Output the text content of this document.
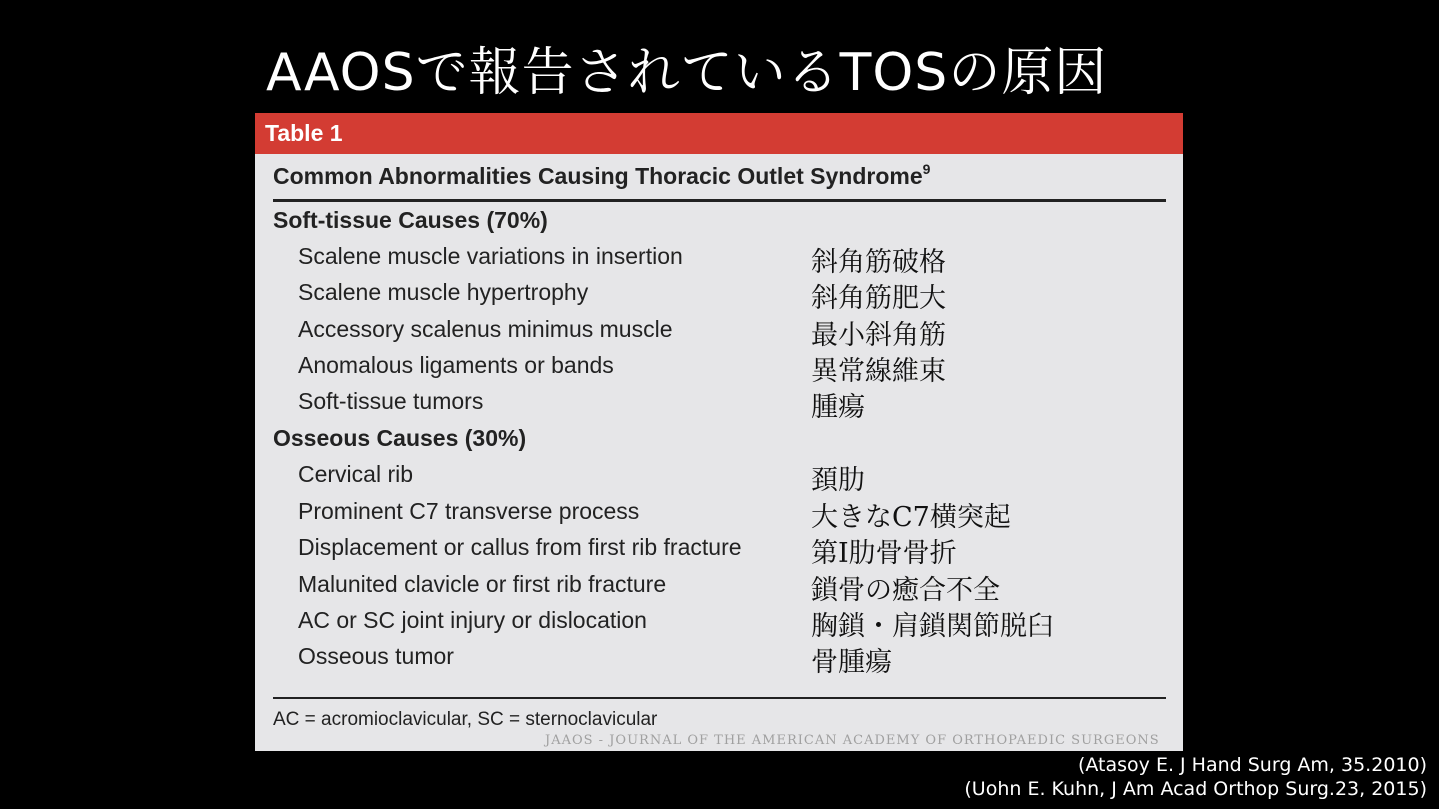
AAOSで報告されているTOSの原因
Table 1
Common Abnormalities Causing Thoracic Outlet Syndrome$^9$
Soft-tissue Causes (70%)
Scalene muscle variations in insertion	斜角筋破格
Scalene muscle hypertrophy	斜角筋肥大
Accessory scalenus minimus muscle	最小斜角筋
Anomalous ligaments or bands	異常線維束
Soft-tissue tumors	腫瘍
Osseous Causes (30%)
Cervical rib	頚肋
Prominent C7 transverse process	大きなC7横突起
Displacement or callus from first rib fracture	第Ⅰ肋骨骨折
Malunited clavicle or first rib fracture	鎖骨の癒合不全
AC or SC joint injury or dislocation	胸鎖・肩鎖関節脱臼
Osseous tumor	骨腫瘍
AC = acromioclavicular, SC = sternoclavicular
JAAOS - JOURNAL OF THE AMERICAN ACADEMY OF ORTHOPAEDIC SURGEONS
(Atasoy E. J Hand Surg Am, 35.2010)
(Uohn E. Kuhn, J Am Acad Orthop Surg.23, 2015)
